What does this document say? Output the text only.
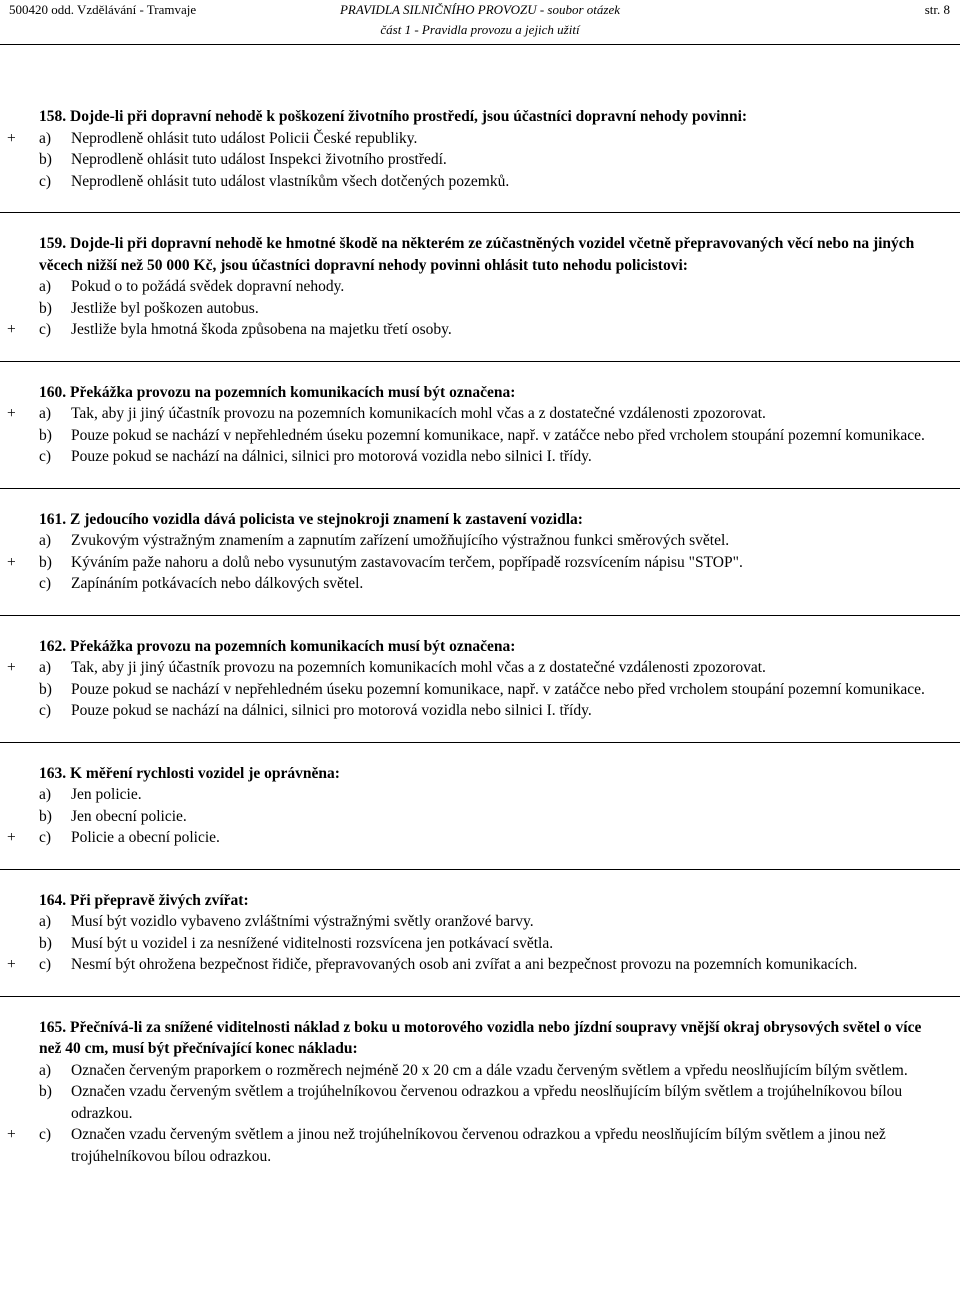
500420 odd. Vzdělávání - Tramvaje	PRAVIDLA SILNIČNÍHO PROVOZU - soubor otázek
část 1 - Pravidla provozu a jejich užití
str. 8
158. Dojde-li při dopravní nehodě k poškození životního prostředí, jsou účastníci dopravní nehody povinni:
+ a) Neprodleně ohlásit tuto událost Policii České republiky.
b) Neprodleně ohlásit tuto událost Inspekci životního prostředí.
c) Neprodleně ohlásit tuto událost vlastníkům všech dotčených pozemků.
159. Dojde-li při dopravní nehodě ke hmotné škodě na některém ze zúčastněných vozidel včetně přepravovaných věcí nebo na jiných věcech nižší než 50 000 Kč, jsou účastníci dopravní nehody povinni ohlásit tuto nehodu policistovi:
a) Pokud o to požádá svědek dopravní nehody.
b) Jestliže byl poškozen autobus.
+ c) Jestliže byla hmotná škoda způsobena na majetku třetí osoby.
160. Překážka provozu na pozemních komunikacích musí být označena:
+ a) Tak, aby ji jiný účastník provozu na pozemních komunikacích mohl včas a z dostatečné vzdálenosti zpozorovat.
b) Pouze pokud se nachází v nepřehledném úseku pozemní komunikace, např. v zatáčce nebo před vrcholem stoupání pozemní komunikace.
c) Pouze pokud se nachází na dálnici, silnici pro motorová vozidla nebo silnici I. třídy.
161. Z jedoucího vozidla dává policista ve stejnokroji znamení k zastavení vozidla:
a) Zvukovým výstražným znamením a zapnutím zařízení umožňujícího výstražnou funkci směrových světel.
+ b) Kýváním paže nahoru a dolů nebo vysunutým zastavovacím terčem, popřípadě rozsvícením nápisu "STOP".
c) Zapínáním potkávacích nebo dálkových světel.
162. Překážka provozu na pozemních komunikacích musí být označena:
+ a) Tak, aby ji jiný účastník provozu na pozemních komunikacích mohl včas a z dostatečné vzdálenosti zpozorovat.
b) Pouze pokud se nachází v nepřehledném úseku pozemní komunikace, např. v zatáčce nebo před vrcholem stoupání pozemní komunikace.
c) Pouze pokud se nachází na dálnici, silnici pro motorová vozidla nebo silnici I. třídy.
163. K měření rychlosti vozidel je oprávněna:
a) Jen policie.
b) Jen obecní policie.
+ c) Policie a obecní policie.
164. Při přepravě živých zvířat:
a) Musí být vozidlo vybaveno zvláštními výstražnými světly oranžové barvy.
b) Musí být u vozidel i za nesnížené viditelnosti rozsvícena jen potkávací světla.
+ c) Nesmí být ohrožena bezpečnost řidiče, přepravovaných osob ani zvířat a ani bezpečnost provozu na pozemních komunikacích.
165. Přečnívá-li za snížené viditelnosti náklad z boku u motorového vozidla nebo jízdní soupravy vnější okraj obrysových světel o více než 40 cm, musí být přečnívající konec nákladu:
a) Označen červeným praporkem o rozměrech nejméně 20 x 20 cm a dále vzadu červeným světlem a vpředu neoslňujícím bílým světlem.
b) Označen vzadu červeným světlem a trojúhelníkovou červenou odrazkou a vpředu neoslňujícím bílým světlem a trojúhelníkovou bílou odrazkou.
+ c) Označen vzadu červeným světlem a jinou než trojúhelníkovou červenou odrazkou a vpředu neoslňujícím bílým světlem a jinou než trojúhelníkovou bílou odrazkou.
